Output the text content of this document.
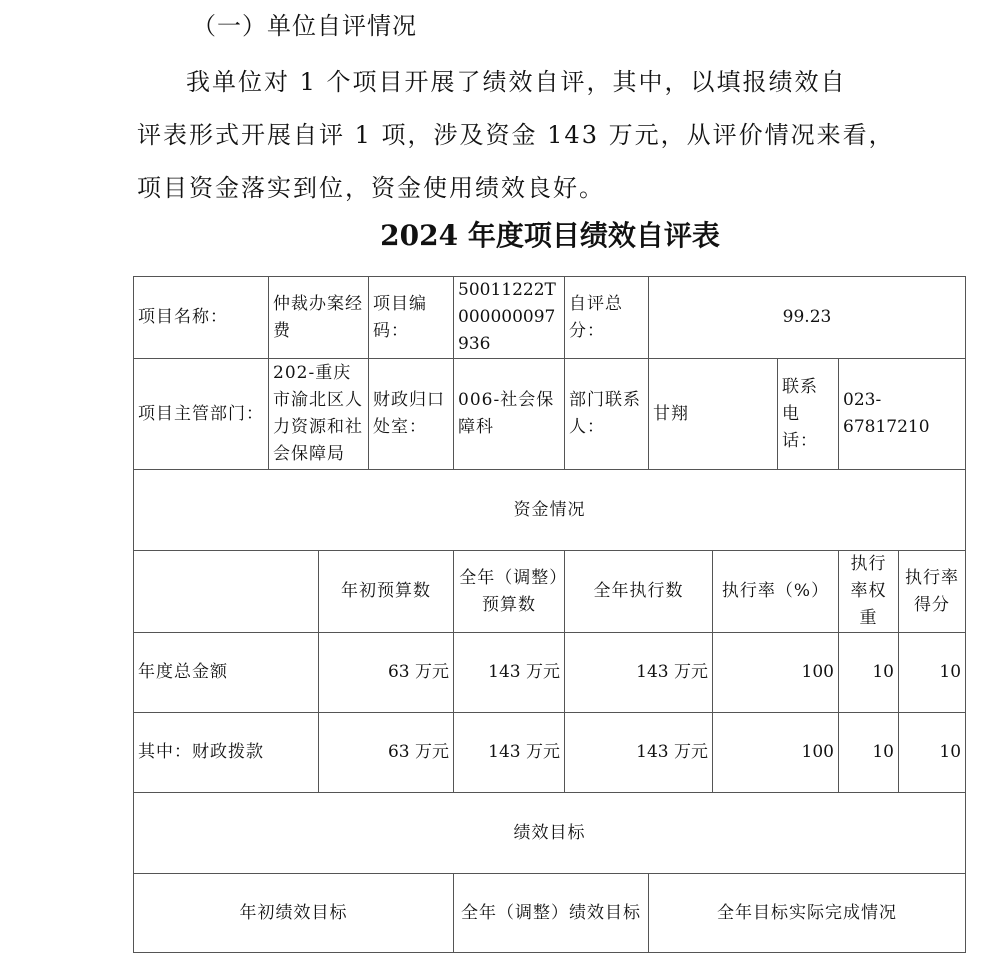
（一）单位自评情况
我单位对 1 个项目开展了绩效自评，其中，以填报绩效自
评表形式开展自评 1 项，涉及资金 143 万元，从评价情况来看，
项目资金落实到位，资金使用绩效良好。
2024 年度项目绩效自评表
项目名称：	仲裁办案经费		项目编码：	50011222T000000097936	自评总分：	99.23				
项目主管部门：	202-重庆市渝北区人力资源和社会保障局		财政归口处室：	006-社会保障科	部门联系人：	甘翔		联系电话：	023-67817210	
资金情况										
		年初预算数		全年（调整）预算数	全年执行数		执行率（%）		执行率权重	执行率得分
年度总金额		63 万元		143 万元	143 万元		100		10	10
其中：财政拨款		63 万元		143 万元	143 万元		100		10	10
绩效目标										
年初绩效目标				全年（调整）绩效目标		全年目标实际完成情况				
